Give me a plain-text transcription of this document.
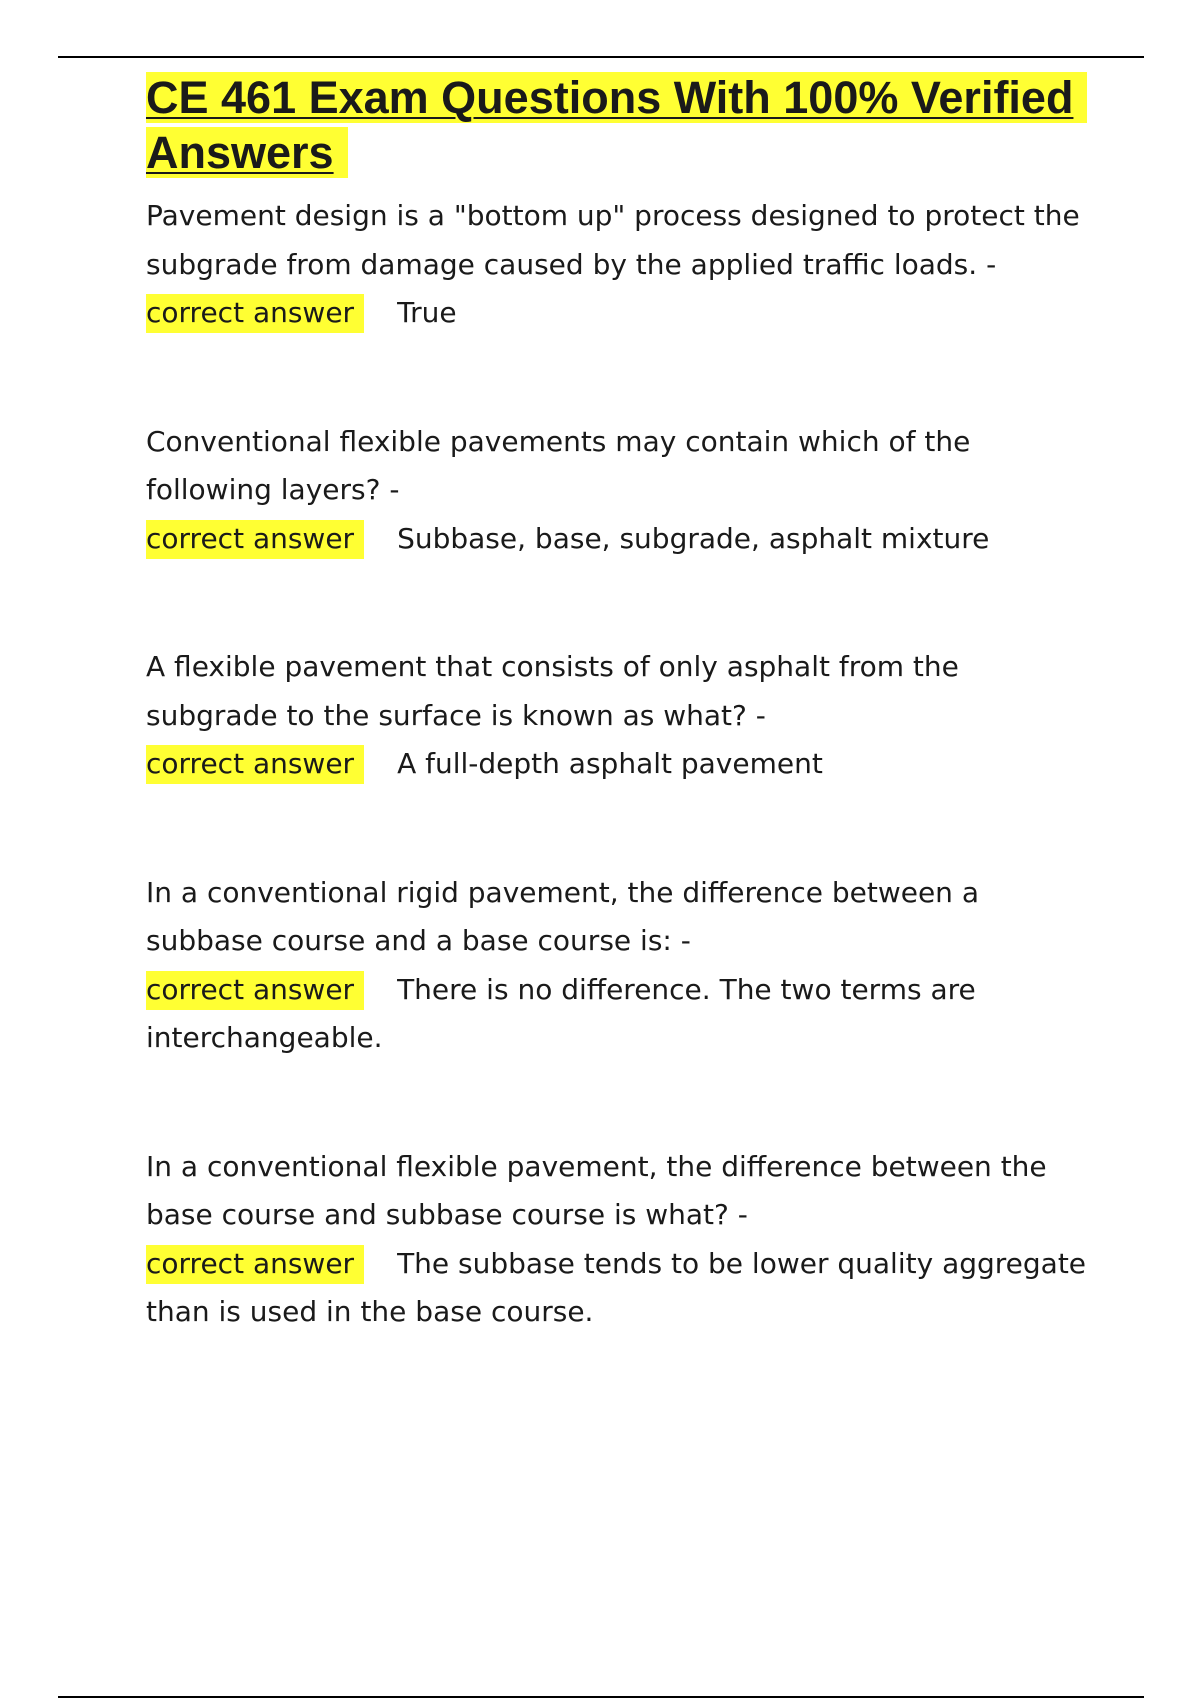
CE 461 Exam Questions With 100% Verified Answers

Pavement design is a "bottom up" process designed to protect the subgrade from damage caused by the applied traffic loads. -

correct answer True

Conventional flexible pavements may contain which of the following layers? -

correct answer Subbase, base, subgrade, asphalt mixture

A flexible pavement that consists of only asphalt from the subgrade to the surface is known as what? -

correct answer A full-depth asphalt pavement

In a conventional rigid pavement, the difference between a subbase course and a base course is: -

correct answer There is no difference. The two terms are interchangeable.

In a conventional flexible pavement, the difference between the base course and subbase course is what? -

correct answer The subbase tends to be lower quality aggregate than is used in the base course.
